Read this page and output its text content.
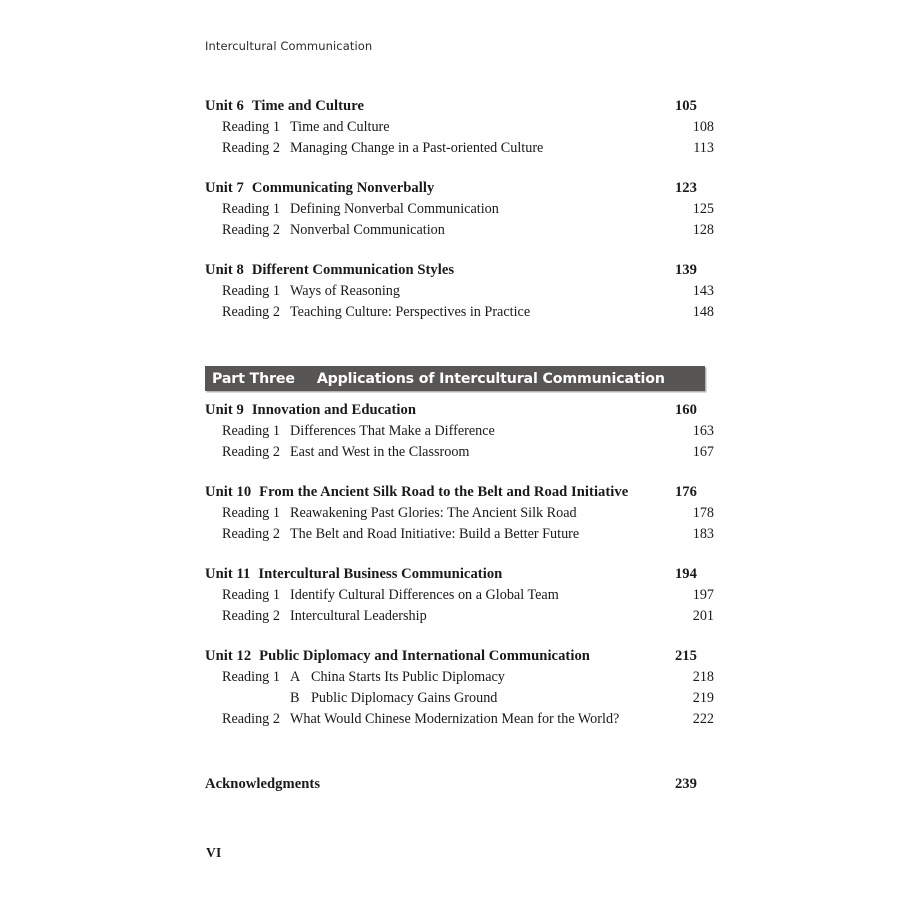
Intercultural Communication
Unit 6 Time and Culture	105
Reading 1 Time and Culture	108
Reading 2 Managing Change in a Past-oriented Culture	113
Unit 7 Communicating Nonverbally	123
Reading 1 Defining Nonverbal Communication	125
Reading 2 Nonverbal Communication	128
Unit 8 Different Communication Styles	139
Reading 1 Ways of Reasoning	143
Reading 2 Teaching Culture: Perspectives in Practice	148
Part Three Applications of Intercultural Communication
Unit 9 Innovation and Education	160
Reading 1 Differences That Make a Difference	163
Reading 2 East and West in the Classroom	167
Unit 10 From the Ancient Silk Road to the Belt and Road Initiative	176
Reading 1 Reawakening Past Glories: The Ancient Silk Road	178
Reading 2 The Belt and Road Initiative: Build a Better Future	183
Unit 11 Intercultural Business Communication	194
Reading 1 Identify Cultural Differences on a Global Team	197
Reading 2 Intercultural Leadership	201
Unit 12 Public Diplomacy and International Communication	215
Reading 1 A China Starts Its Public Diplomacy	218
B Public Diplomacy Gains Ground	219
Reading 2 What Would Chinese Modernization Mean for the World?	222
Acknowledgments	239
VI
